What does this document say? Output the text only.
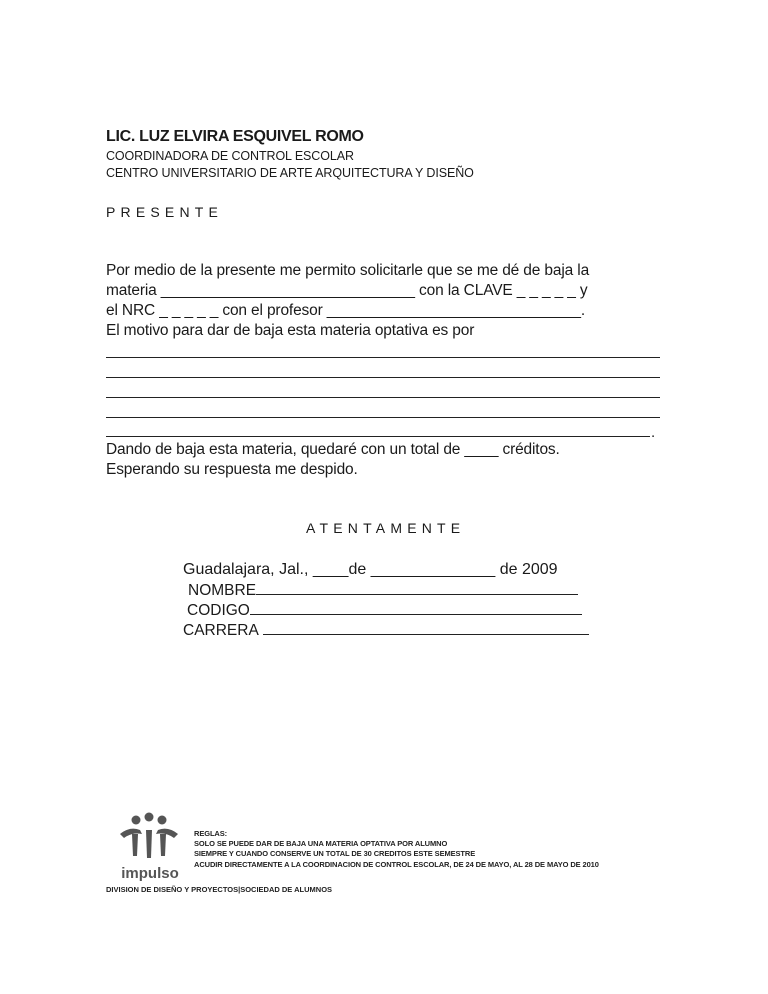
LIC. LUZ ELVIRA ESQUIVEL ROMO
COORDINADORA DE CONTROL ESCOLAR
CENTRO UNIVERSITARIO DE ARTE ARQUITECTURA Y DISEÑO
PRESENTE
Por medio de la presente me permito solicitarle que se me dé de baja la
materia ______________________________ con la CLAVE _ _ _ _ _ y
el NRC _ _ _ _ _ con el profesor ______________________________.
El motivo para dar de baja esta materia optativa es por
.
Dando de baja esta materia, quedaré con un total de ____ créditos.
Esperando su respuesta me despido.
ATENTAMENTE
Guadalajara, Jal., ____de ______________ de 2009
NOMBRE
CODIGO
CARRERA
impulso
REGLAS:
SOLO SE PUEDE DAR DE BAJA UNA MATERIA OPTATIVA POR ALUMNO
SIEMPRE Y CUANDO CONSERVE UN TOTAL DE 30 CREDITOS ESTE SEMESTRE
ACUDIR DIRECTAMENTE A LA COORDINACION DE CONTROL ESCOLAR, DE 24 DE MAYO, AL 28 DE MAYO DE 2010
DIVISION DE DISEÑO Y PROYECTOS|SOCIEDAD DE ALUMNOS
